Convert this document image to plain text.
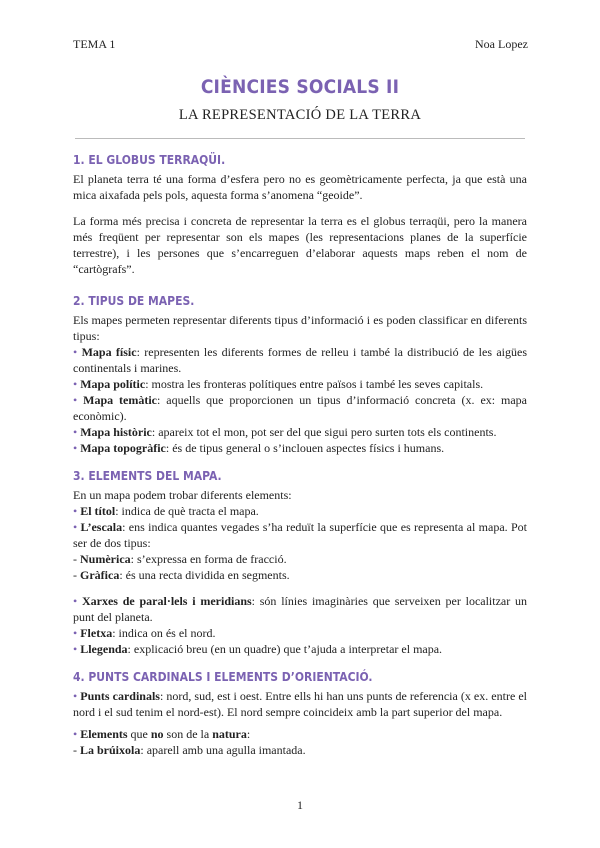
TEMA 1	Noa Lopez
CIÈNCIES SOCIALS II
LA REPRESENTACIÓ DE LA TERRA
1. EL GLOBUS TERRAQÜI.

El planeta terra té una forma d’esfera pero no es geomètricamente perfecta, ja que està una mica aixafada pels pols, aquesta forma s’anomena “geoide”.

La forma més precisa i concreta de representar la terra es el globus terraqüi, pero la manera més freqüent per representar son els mapes (les representacions planes de la superfície terrestre), i les persones que s’encarreguen d’elaborar aquests maps reben el nom de “cartògrafs”.

2. TIPUS DE MAPES.

Els mapes permeten representar diferents tipus d’informació i es poden classificar en diferents tipus:

• Mapa físic: representen les diferents formes de relleu i també la distribució de les aigües continentals i marines.

• Mapa polític: mostra les fronteras polítiques entre països i també les seves capitals.

• Mapa temàtic: aquells que proporcionen un tipus d’informació concreta (x. ex: mapa econòmic).

• Mapa històric: apareix tot el mon, pot ser del que sigui pero surten tots els continents.

• Mapa topogràfic: és de tipus general o s’inclouen aspectes físics i humans.

3. ELEMENTS DEL MAPA.

En un mapa podem trobar diferents elements:

• El títol: indica de què tracta el mapa.

• L’escala: ens indica quantes vegades s’ha reduït la superfície que es representa al mapa. Pot ser de dos tipus:

- Numèrica: s’expressa en forma de fracció.

- Gràfica: és una recta dividida en segments.

• Xarxes de paral·lels i meridians: són línies imaginàries que serveixen per localitzar un punt del planeta.

• Fletxa: indica on és el nord.

• Llegenda: explicació breu (en un quadre) que t’ajuda a interpretar el mapa.

4. PUNTS CARDINALS I ELEMENTS D’ORIENTACIÓ.

• Punts cardinals: nord, sud, est i oest. Entre ells hi han uns punts de referencia (x ex. entre el nord i el sud tenim el nord-est). El nord sempre coincideix amb la part superior del mapa.

• Elements que no son de la natura:

- La brúixola: aparell amb una agulla imantada.

1
